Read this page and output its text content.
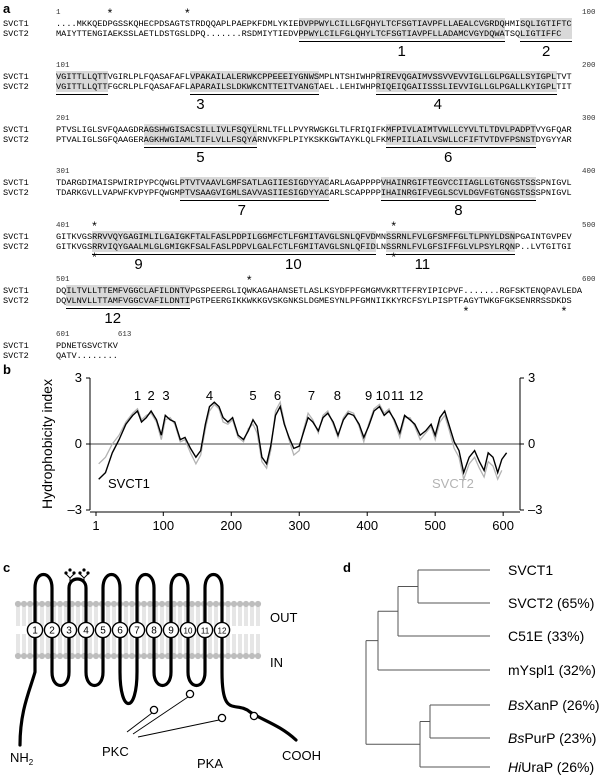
a
b
c	d
1	100
1	2
SVCT1	....MKKQEDPGSSKQHECPDSAGTSTRDQQAPLPAEPKFDMLYKIEDVPPWYLCILLGFQHYLTCFSGTIAVPFLLAEALCVGRDQHMISQLIGTIFTC
SVCT2	MAIYTTENGIAEKSSLAETLDSTGSLDPQ.......RSDMIYTIEDVPPWYLCILFGLQHYLTCFSGTIAVPFLLADAMCVGYDQWATSQLIGTIFFC
*	*
101	200
3	4
SVCT1	VGITTLLQTTVGIRLPLFQASAFAFLVPAKAILALERWKCPPEEEIYGNWSMPLNTSHIWHPRIREVQGAIMVSSVVEVVIGLLGLPGALLSYIGPLTVT
SVCT2	VGITTLLQTTFGCRLPLFQASAFAFLAPARAILSLDKWKCNTTEITVANGTAEL.LEHIWHPRIQEIQGAIISSSLIEVVIGLLGLPGALLKYIGPLTIT
201	300
5	6
SVCT1	PTVSLIGLSVFQAAGDRAGSHWGISACSILLIVLFSQYLRNLTFLLPVYRWGKGLTLFRIQIFKMFPIVLAIMTVWLLCYVLTLTDVLPADPTVYGFQAR
SVCT2	PTVALIGLSGFQAAGERAGKHWGIAMLTIFLVLLFSQYARNVKFPLPIYKSKKGWTAYKLQLFKMFPIILAILVSWLLCFIFTVTDVFPSNSTDYGYYAR
301	400
7	8
SVCT1	TDARGDIMAISPWIRIPYPCQWGLPTVTVAAVLGMFSATLAGIIESIGDYYACARLAGAPPPPVHAINRGIFTEGVCCIIAGLLGTGNGSTSSSPNIGVL
SVCT2	TDARKGVLLVAPWFKVPYPFQWGMPTVSAAGVIGMLSAVVASIIESIGDYYACARLSCAPPPPIHAINRGIFVEGLSCVLDGVFGTGNGSTSSSPNIGVL
401	500
9	10	11
SVCT1	GITKVGSRRVVQYGAGIMLILGAIGKFTALFASLPDPILGGMFCTLFGMITAVGLSNLQFVDMNSSRNLFVLGFSMFFGLTLPNYLDSNPGAINTGVPEV
SVCT2	GITKVGSRRVIQYGAALMLGLGMIGKFSALFASLPDPVLGALFCTLFGMITAVGLSNLQFIDLNSSRNLFVLGFSIFFGLVLPSYLRQNP..LVTGITGI
*	*
*	*
501	600
12
SVCT1	DQILTVLLTTEMFVGGCLAFILDNTVPGSPEERGLIQWKAGAHANSETLASLKSYDFPFGMGMVKRTTFFRYIPICPVF.......RGFSKTENQPAVLEDA
SVCT2	DQVLNVLLTTAMFVGGCVAFILDNTIPGTPEERGIKKWKKGVSKGNKSLDGMESYNLPFGMNIIKKYRCFSYLPISPTFAGYTWKGFGKSENRRSSDKDS
*
*	*
601	613
SVCT1	PDNETGSVCTKV
SVCT2	QATV........
3	3
0	0
–3	–3
1	100	200	300	400	500	600
Hydrophobicity index	1 2 3	4	5 6 7 8 9 10 11 12
SVCT1	SVCT2
1 2 3 4 5 6 7 8 9 10 11 12
OUT
IN
$NH_2$
PKC
PKA
COOH
SVCT1
SVCT2 (65%)
C51E (33%)
mYspl1 (32%)
BsXanP (26%)
BsPurP (23%)
HiUraP (26%)
